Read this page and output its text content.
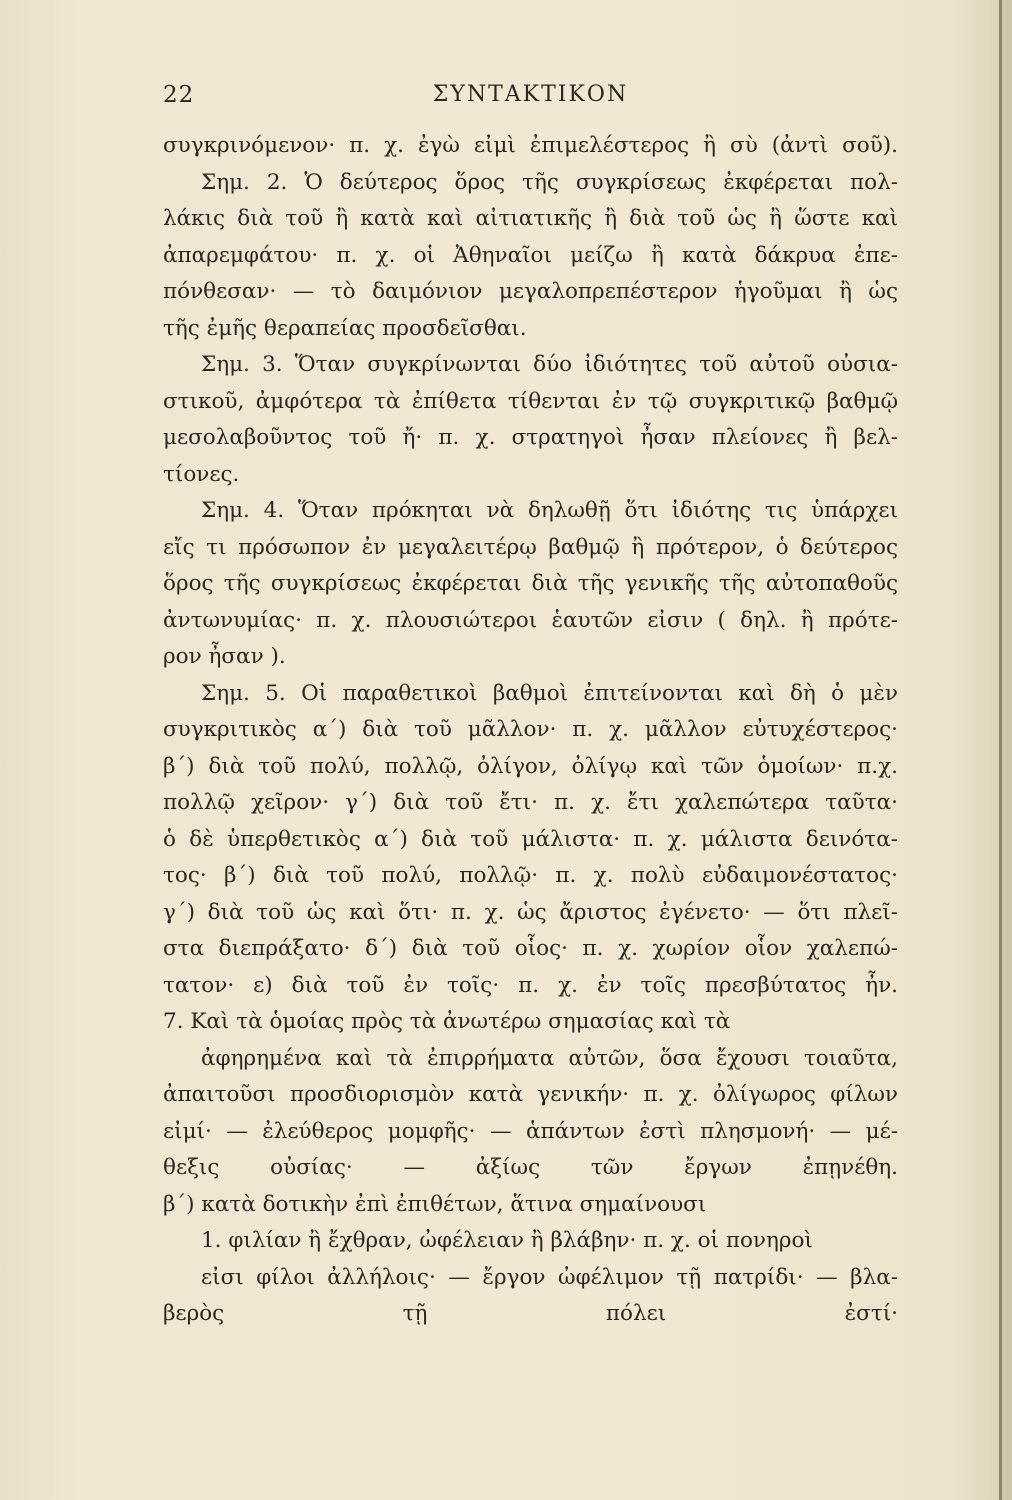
22	ΣΥΝΤΑΚΤΙΚΟΝ
συγκρινόμενον· π. χ. ἐγὼ εἰμὶ ἐπιμελέστερος ἢ σὺ (ἀντὶ σοῦ).
Σημ. 2. Ὁ δεύτερος ὅρος τῆς συγκρίσεως ἐκφέρεται πολ-
λάκις διὰ τοῦ ἢ κατὰ καὶ αἰτιατικῆς ἢ διὰ τοῦ ὡς ἢ ὥστε καὶ
ἀπαρεμφάτου· π. χ. οἱ Ἀθηναῖοι μείζω ἢ κατὰ δάκρυα ἐπε-
πόνθεσαν· — τὸ δαιμόνιον μεγαλοπρεπέστερον ἡγοῦμαι ἢ ὡς
τῆς ἐμῆς θεραπείας προσδεῖσθαι.
Σημ. 3. Ὅταν συγκρίνωνται δύο ἰδιότητες τοῦ αὐτοῦ οὐσια-
στικοῦ, ἀμφότερα τὰ ἐπίθετα τίθενται ἐν τῷ συγκριτικῷ βαθμῷ
μεσολαβοῦντος τοῦ ἤ· π. χ. στρατηγοὶ ἦσαν πλείονες ἢ βελ-
τίονες.
Σημ. 4. Ὅταν πρόκηται νὰ δηλωθῇ ὅτι ἰδιότης τις ὑπάρχει
εἴς τι πρόσωπον ἐν μεγαλειτέρῳ βαθμῷ ἢ πρότερον, ὁ δεύτερος
ὅρος τῆς συγκρίσεως ἐκφέρεται διὰ τῆς γενικῆς τῆς αὐτοπαθοῦς
ἀντωνυμίας· π. χ. πλουσιώτεροι ἑαυτῶν εἰσιν ( δηλ. ἢ πρότε-
ρον ἦσαν ).
Σημ. 5. Οἱ παραθετικοὶ βαθμοὶ ἐπιτείνονται καὶ δὴ ὁ μὲν
συγκριτικὸς α΄) διὰ τοῦ μᾶλλον· π. χ. μᾶλλον εὐτυχέστερος·
β΄) διὰ τοῦ πολύ, πολλῷ, ὀλίγον, ὀλίγῳ καὶ τῶν ὁμοίων· π.χ.
πολλῷ χεῖρον· γ΄) διὰ τοῦ ἔτι· π. χ. ἔτι χαλεπώτερα ταῦτα·
ὁ δὲ ὑπερθετικὸς α΄) διὰ τοῦ μάλιστα· π. χ. μάλιστα δεινότα-
τος· β΄) διὰ τοῦ πολύ, πολλῷ· π. χ. πολὺ εὐδαιμονέστατος·
γ΄) διὰ τοῦ ὡς καὶ ὅτι· π. χ. ὡς ἄριστος ἐγένετο· — ὅτι πλεῖ-
στα διεπράξατο· δ΄) διὰ τοῦ οἷος· π. χ. χωρίον οἷον χαλεπώ-
τατον· ε) διὰ τοῦ ἐν τοῖς· π. χ. ἐν τοῖς πρεσβύτατος ἦν.
7. Καὶ τὰ ὁμοίας πρὸς τὰ ἀνωτέρω σημασίας καὶ τὰ
ἀφηρημένα καὶ τὰ ἐπιρρήματα αὐτῶν, ὅσα ἔχουσι τοιαῦτα,
ἀπαιτοῦσι προσδιορισμὸν κατὰ γενικήν· π. χ. ὀλίγωρος φίλων
εἰμί· — ἐλεύθερος μομφῆς· — ἁπάντων ἐστὶ πλησμονή· — μέ-
θεξις οὐσίας· — ἀξίως τῶν ἔργων ἐπῃνέθη.
β΄) κατὰ δοτικὴν ἐπὶ ἐπιθέτων, ἅτινα σημαίνουσι
1. φιλίαν ἢ ἔχθραν, ὠφέλειαν ἢ βλάβην· π. χ. οἱ πονηροὶ
εἰσι φίλοι ἀλλήλοις· — ἔργον ὠφέλιμον τῇ πατρίδι· — βλα-
βερὸς τῇ πόλει ἐστί·
